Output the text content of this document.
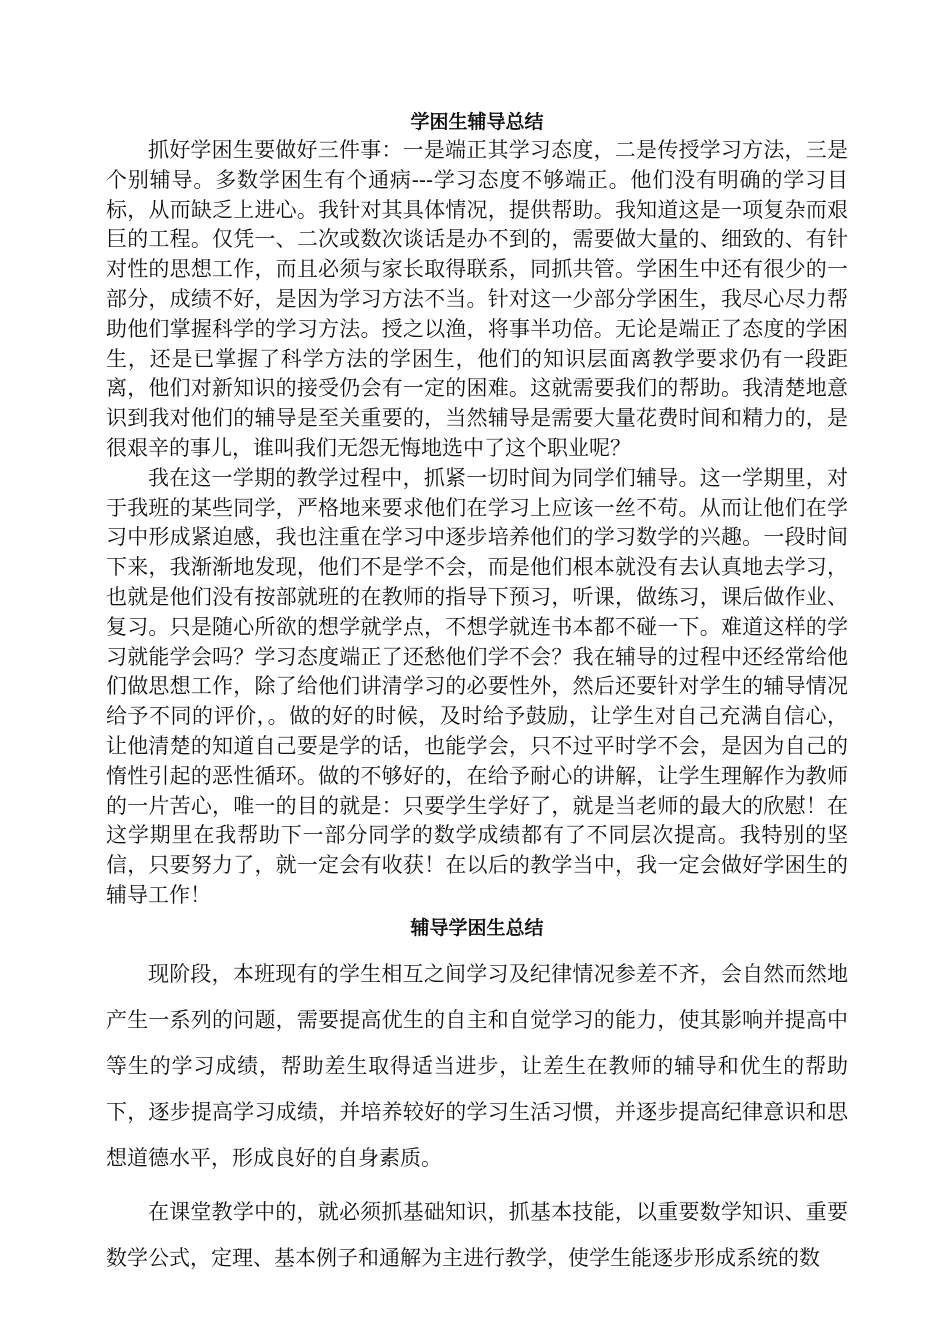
学困生辅导总结

抓好学困生要做好三件事：一是端正其学习态度，二是传授学习方法，三是个别辅导。多数学困生有个通病---学习态度不够端正。他们没有明确的学习目标，从而缺乏上进心。我针对其具体情况，提供帮助。我知道这是一项复杂而艰巨的工程。仅凭一、二次或数次谈话是办不到的，需要做大量的、细致的、有针对性的思想工作，而且必须与家长取得联系，同抓共管。学困生中还有很少的一部分，成绩不好，是因为学习方法不当。针对这一少部分学困生，我尽心尽力帮助他们掌握科学的学习方法。授之以渔，将事半功倍。无论是端正了态度的学困生，还是已掌握了科学方法的学困生，他们的知识层面离教学要求仍有一段距离，他们对新知识的接受仍会有一定的困难。这就需要我们的帮助。我清楚地意识到我对他们的辅导是至关重要的，当然辅导是需要大量花费时间和精力的，是很艰辛的事儿，谁叫我们无怨无悔地选中了这个职业呢？

我在这一学期的教学过程中，抓紧一切时间为同学们辅导。这一学期里，对于我班的某些同学，严格地来要求他们在学习上应该一丝不苟。从而让他们在学习中形成紧迫感，我也注重在学习中逐步培养他们的学习数学的兴趣。一段时间下来，我渐渐地发现，他们不是学不会，而是他们根本就没有去认真地去学习，也就是他们没有按部就班的在教师的指导下预习，听课，做练习，课后做作业、复习。只是随心所欲的想学就学点，不想学就连书本都不碰一下。难道这样的学习就能学会吗？学习态度端正了还愁他们学不会？我在辅导的过程中还经常给他们做思想工作，除了给他们讲清学习的必要性外，然后还要针对学生的辅导情况给予不同的评价，。做的好的时候，及时给予鼓励，让学生对自己充满自信心，让他清楚的知道自己要是学的话，也能学会，只不过平时学不会，是因为自己的惰性引起的恶性循环。做的不够好的，在给予耐心的讲解，让学生理解作为教师的一片苦心，唯一的目的就是：只要学生学好了，就是当老师的最大的欣慰！在这学期里在我帮助下一部分同学的数学成绩都有了不同层次提高。我特别的坚信，只要努力了，就一定会有收获！在以后的教学当中，我一定会做好学困生的辅导工作！

辅导学困生总结

现阶段，本班现有的学生相互之间学习及纪律情况参差不齐，会自然而然地产生一系列的问题，需要提高优生的自主和自觉学习的能力，使其影响并提高中等生的学习成绩，帮助差生取得适当进步，让差生在教师的辅导和优生的帮助下，逐步提高学习成绩，并培养较好的学习生活习惯，并逐步提高纪律意识和思想道德水平，形成良好的自身素质。

在课堂教学中的，就必须抓基础知识，抓基本技能，以重要数学知识、重要数学公式，定理、基本例子和通解为主进行教学，使学生能逐步形成系统的数
